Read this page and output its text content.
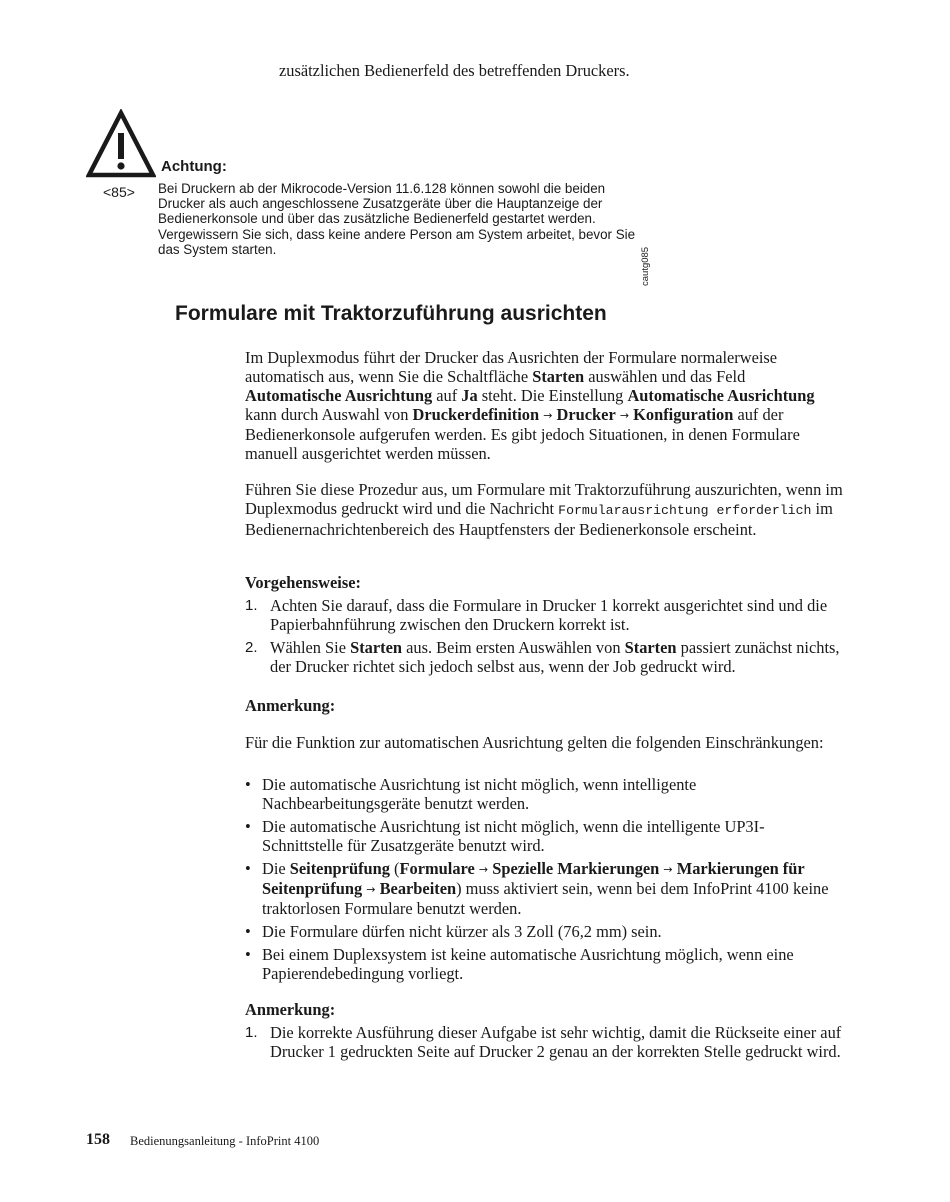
zusätzlichen Bedienerfeld des betreffenden Druckers.

<85>
Achtung:
Bei Druckern ab der Mikrocode-Version 11.6.128 können sowohl die beiden Drucker als auch angeschlossene Zusatzgeräte über die Hauptanzeige der Bedienerkonsole und über das zusätzliche Bedienerfeld gestartet werden. Vergewissern Sie sich, dass keine andere Person am System arbeitet, bevor Sie das System starten.	cautg085
Formulare mit Traktorzuführung ausrichten

Im Duplexmodus führt der Drucker das Ausrichten der Formulare normalerweise automatisch aus, wenn Sie die Schaltfläche Starten auswählen und das Feld Automatische Ausrichtung auf Ja steht. Die Einstellung Automatische Ausrichtung kann durch Auswahl von Druckerdefinition → Drucker → Konfiguration auf der Bedienerkonsole aufgerufen werden. Es gibt jedoch Situationen, in denen Formulare manuell ausgerichtet werden müssen.

Führen Sie diese Prozedur aus, um Formulare mit Traktorzuführung auszurichten, wenn im Duplexmodus gedruckt wird und die Nachricht Formularausrichtung erforderlich im Bedienernachrichtenbereich des Hauptfensters der Bedienerkonsole erscheint.

Vorgehensweise:

1. Achten Sie darauf, dass die Formulare in Drucker 1 korrekt ausgerichtet sind und die Papierbahnführung zwischen den Druckern korrekt ist.
2. Wählen Sie Starten aus. Beim ersten Auswählen von Starten passiert zunächst nichts, der Drucker richtet sich jedoch selbst aus, wenn der Job gedruckt wird.

Anmerkung:

Für die Funktion zur automatischen Ausrichtung gelten die folgenden Einschränkungen:

• Die automatische Ausrichtung ist nicht möglich, wenn intelligente Nachbearbeitungsgeräte benutzt werden.
• Die automatische Ausrichtung ist nicht möglich, wenn die intelligente UP3I-Schnittstelle für Zusatzgeräte benutzt wird.
• Die Seitenprüfung (Formulare → Spezielle Markierungen → Markierungen für Seitenprüfung → Bearbeiten) muss aktiviert sein, wenn bei dem InfoPrint 4100 keine traktorlosen Formulare benutzt werden.
• Die Formulare dürfen nicht kürzer als 3 Zoll (76,2 mm) sein.
• Bei einem Duplexsystem ist keine automatische Ausrichtung möglich, wenn eine Papierendebedingung vorliegt.

Anmerkung:

1. Die korrekte Ausführung dieser Aufgabe ist sehr wichtig, damit die Rückseite einer auf Drucker 1 gedruckten Seite auf Drucker 2 genau an der korrekten Stelle gedruckt wird.
158 Bedienungsanleitung - InfoPrint 4100
